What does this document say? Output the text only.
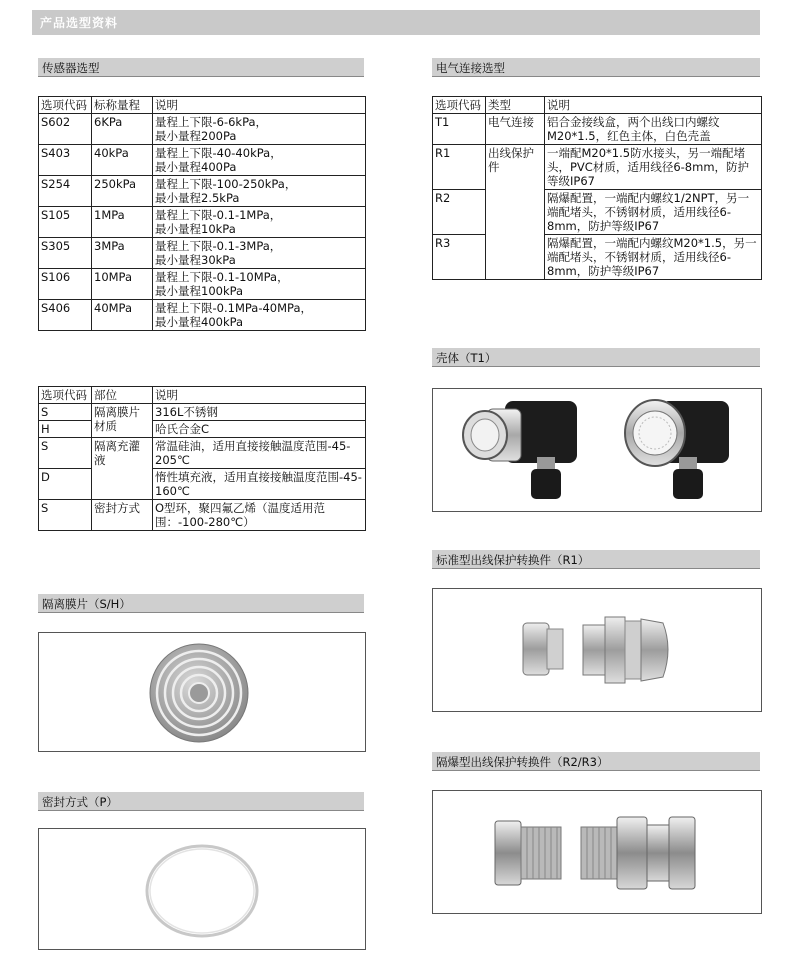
产品选型资料
传感器选型
选项代码	标称量程	说明
S602	6KPa	量程上下限-6-6kPa，
最小量程200Pa

S403	40kPa	量程上下限-40-40kPa，
最小量程400Pa

S254	250kPa	量程上下限-100-250kPa，
最小量程2.5kPa

S105	1MPa	量程上下限-0.1-1MPa，
最小量程10kPa

S305	3MPa	量程上下限-0.1-3MPa，
最小量程30kPa

S106	10MPa	量程上下限-0.1-10MPa，
最小量程100kPa

S406	40MPa	量程上下限-0.1MPa-40MPa，
最小量程400kPa
选项代码	部位	说明
S	隔离膜片材质	316L不锈钢
H		哈氏合金C
S	隔离充灌液	常温硅油，适用直接接触温度范围-45-205℃
D		惰性填充液，适用直接接触温度范围-45-160℃
S	密封方式	O型环，聚四氟乙烯（温度适用范围：-100-280℃）
隔离膜片（S/H）
密封方式（P）
电气连接选型
选项代码	类型	说明
T1	电气连接	铝合金接线盒，两个出线口内螺纹M20*1.5，红色主体，白色壳盖
R1	出线保护件	一端配M20*1.5防水接头，另一端配堵头，PVC材质，适用线径6-8mm，防护等级IP67
R2		隔爆配置，一端配内螺纹1/2NPT，另一端配堵头，不锈钢材质，适用线径6-8mm，防护等级IP67
R3		隔爆配置，一端配内螺纹M20*1.5，另一端配堵头，不锈钢材质，适用线径6-8mm，防护等级IP67
壳体（T1）
标准型出线保护转换件（R1）
隔爆型出线保护转换件（R2/R3）
